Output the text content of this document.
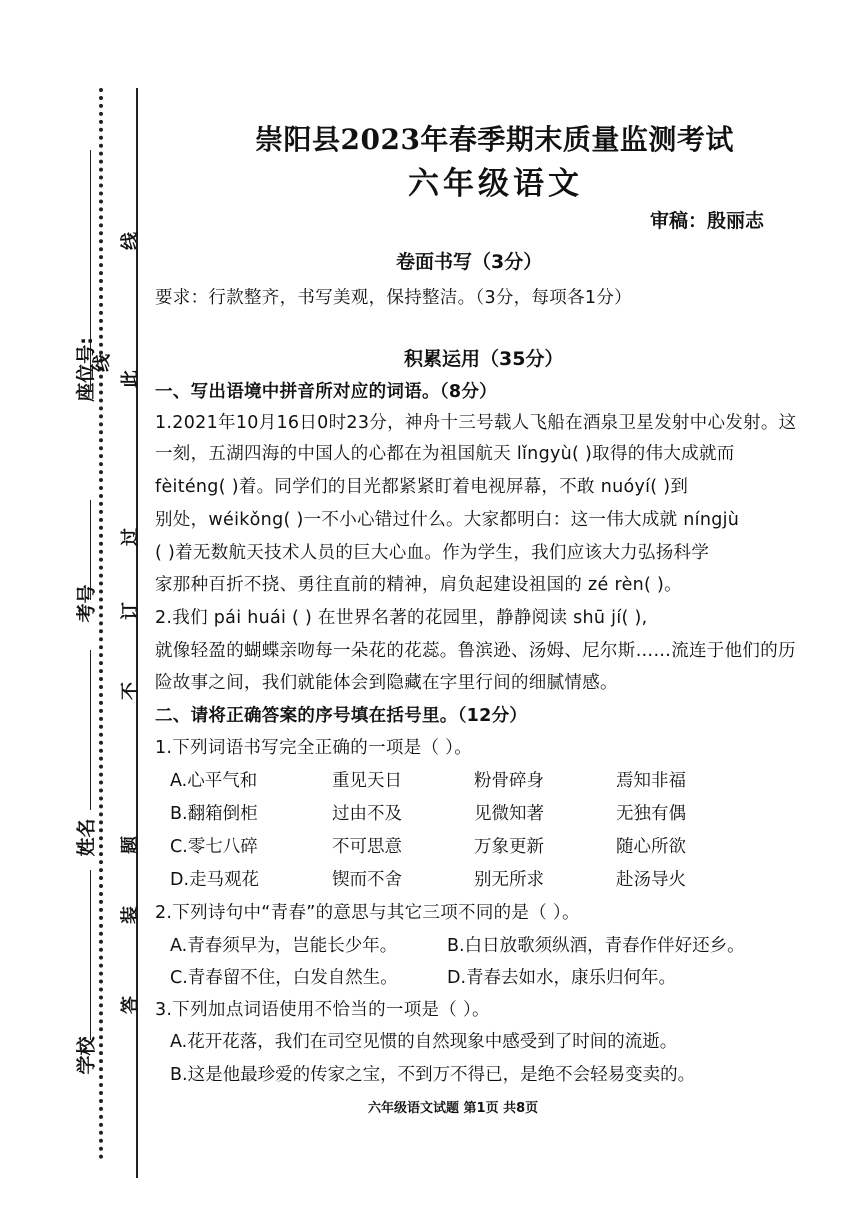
座位号:
考号
姓名
学校
线
线
此
过
订
不
题
装
答
崇阳县2023年春季期末质量监测考试
六年级语文
审稿：殷丽志
卷面书写（3分）
要求：行款整齐，书写美观，保持整洁。（3分，每项各1分）
积累运用（35分）
一、写出语境中拼音所对应的词语。（8分）
1.2021年10月16日0时23分，神舟十三号载人飞船在酒泉卫星发射中心发射。这
一刻，五湖四海的中国人的心都在为祖国航天 lǐngyù( )取得的伟大成就而
fèiténg( )着。同学们的目光都紧紧盯着电视屏幕，不敢 nuóyí( )到
别处，wéikǒng( )一不小心错过什么。大家都明白：这一伟大成就 níngjù
( )着无数航天技术人员的巨大心血。作为学生，我们应该大力弘扬科学
家那种百折不挠、勇往直前的精神，肩负起建设祖国的 zé rèn( )。
2.我们 pái huái ( ) 在世界名著的花园里，静静阅读 shū jí( ),
就像轻盈的蝴蝶亲吻每一朵花的花蕊。鲁滨逊、汤姆、尼尔斯……流连于他们的历
险故事之间，我们就能体会到隐藏在字里行间的细腻情感。
二、请将正确答案的序号填在括号里。（12分）
1.下列词语书写完全正确的一项是（ ）。
A.心平气和	重见天日	粉骨碎身	焉知非福
B.翻箱倒柜	过由不及	见微知著	无独有偶
C.零七八碎	不可思意	万象更新	随心所欲
D.走马观花	锲而不舍	别无所求	赴汤导火
2.下列诗句中“青春”的意思与其它三项不同的是（ ）。
A.青春须早为，岂能长少年。	B.白日放歌须纵酒，青春作伴好还乡。
C.青春留不住，白发自然生。	D.青春去如水，康乐归何年。
3.下列加点词语使用不恰当的一项是（ ）。
A.花开花落，我们在司空见惯的自然现象中感受到了时间的流逝。
B.这是他最珍爱的传家之宝，不到万不得已，是绝不会轻易变卖的。
六年级语文试题 第1页 共8页
